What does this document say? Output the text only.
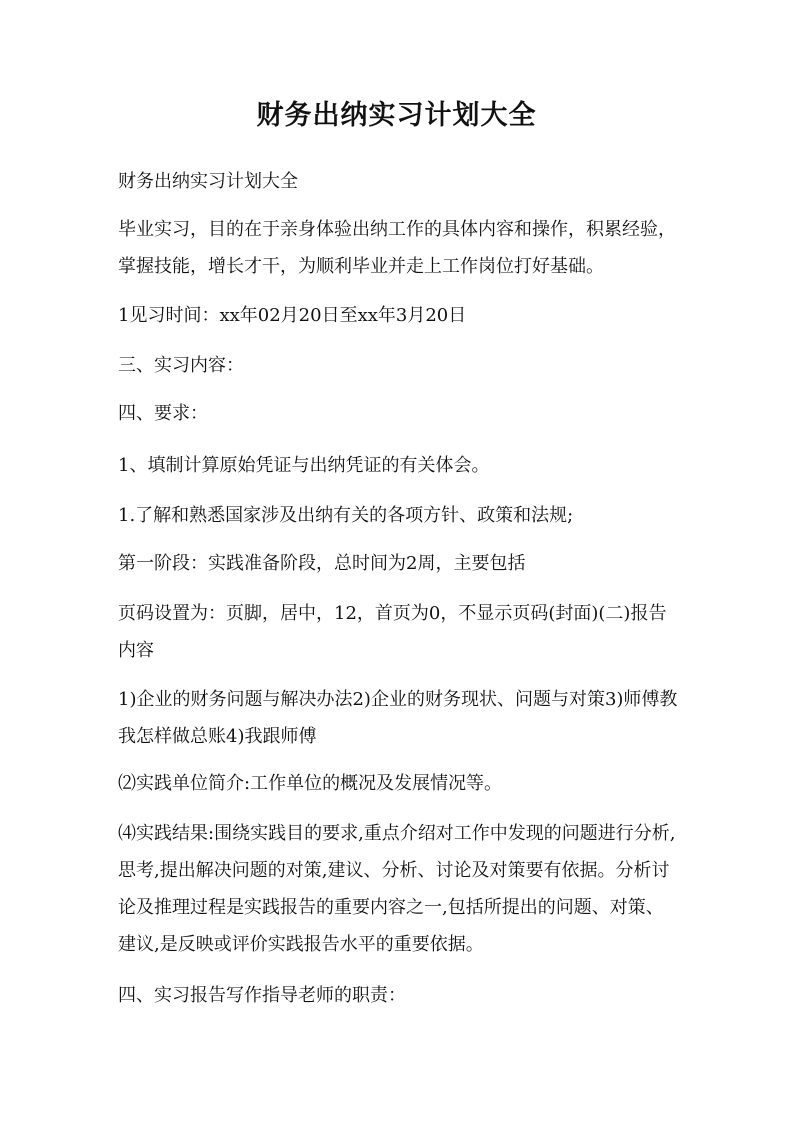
财务出纳实习计划大全

财务出纳实习计划大全

毕业实习，目的在于亲身体验出纳工作的具体内容和操作，积累经验，掌握技能，增长才干，为顺利毕业并走上工作岗位打好基础。

1见习时间：xx年02月20日至xx年3月20日

三、实习内容：

四、要求：

1、填制计算原始凭证与出纳凭证的有关体会。

1.了解和熟悉国家涉及出纳有关的各项方针、政策和法规;

第一阶段：实践准备阶段，总时间为2周，主要包括

页码设置为：页脚，居中，12，首页为0，不显示页码(封面)(二)报告内容

1)企业的财务问题与解决办法2)企业的财务现状、问题与对策3)师傅教我怎样做总账4)我跟师傅

⑵实践单位简介:工作单位的概况及发展情况等。

⑷实践结果:围绕实践目的要求,重点介绍对工作中发现的问题进行分析,思考,提出解决问题的对策,建议、分析、讨论及对策要有依据。分析讨论及推理过程是实践报告的重要内容之一,包括所提出的问题、对策、建议,是反映或评价实践报告水平的重要依据。

四、实习报告写作指导老师的职责：
